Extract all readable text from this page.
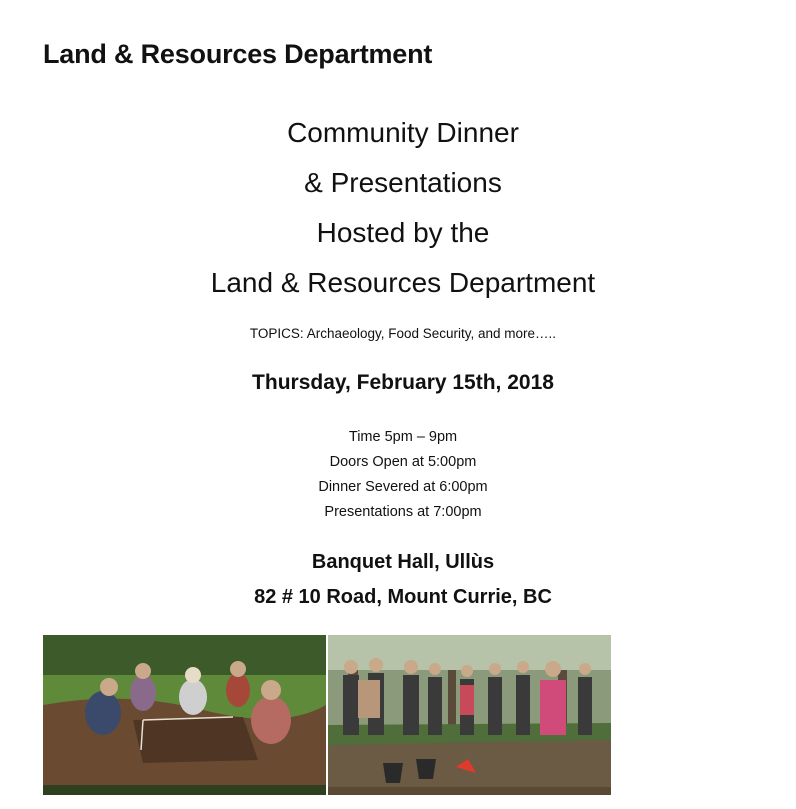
Land & Resources Department
Community Dinner
& Presentations
Hosted by the
Land & Resources Department
TOPICS: Archaeology, Food Security, and more…..
Thursday, February 15th, 2018
Time 5pm – 9pm
Doors Open at 5:00pm
Dinner Severed at 6:00pm
Presentations at 7:00pm
Banquet Hall, Ullùs
82 # 10 Road, Mount Currie, BC
